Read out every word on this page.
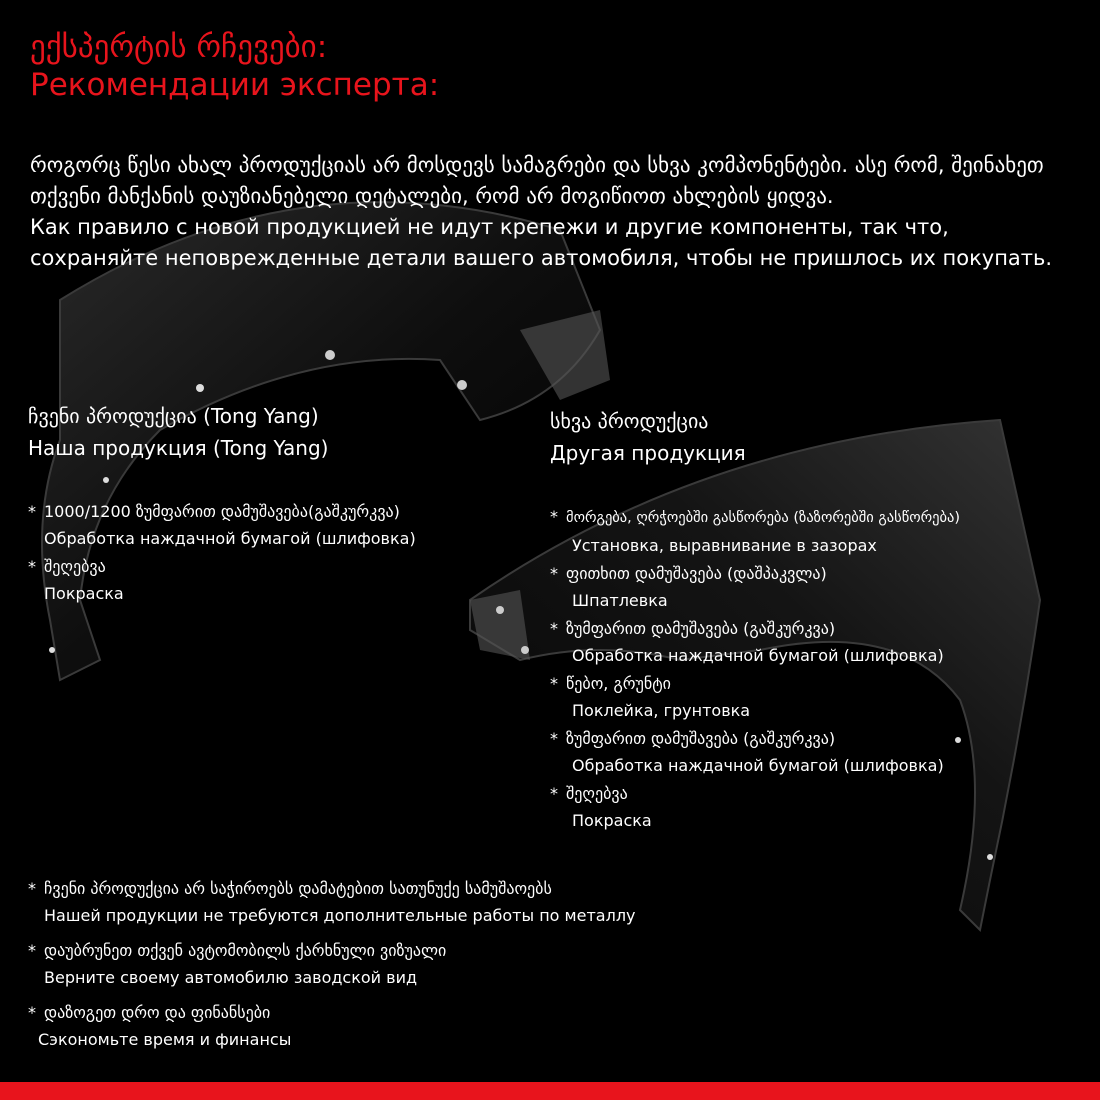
ექსპერტის რჩევები:
Рекомендации эксперта:

როგორც წესი ახალ პროდუქციას არ მოსდევს სამაგრები და სხვა კომპონენტები. ასე რომ, შეინახეთ თქვენი მანქანის დაუზიანებელი დეტალები, რომ არ მოგიწიოთ ახლების ყიდვა.

Как правило с новой продукцией не идут крепежи и другие компоненты, так что, сохраняйте неповрежденные детали вашего автомобиля, чтобы не пришлось их покупать.

ჩვენი პროდუქცია (Tong Yang)
Наша продукция (Tong Yang)
* 1000/1200 ზუმფარით დამუშავება(გაშკურკვა)
Обработка наждачной бумагой (шлифовка)
* შეღებვა
Покраска
სხვა პროდუქცია
Другая продукция
* მორგება, ღრჭოებში გასწორება (ზაზორებში გასწორება)
Установка, выравнивание в зазорах
* ფითხით დამუშავება (დაშპაკვლა)
Шпатлевка
* ზუმფარით დამუშავება (გაშკურკვა)
Обработка наждачной бумагой (шлифовка)
* წებო, გრუნტი
Поклейка, грунтовка
* ზუმფარით დამუშავება (გაშკურკვა)
Обработка наждачной бумагой (шлифовка)
* შეღებვა
Покраска
* ჩვენი პროდუქცია არ საჭიროებს დამატებით სათუნუქე სამუშაოებს
Нашей продукции не требуются дополнительные работы по металлу
* დაუბრუნეთ თქვენ ავტომობილს ქარხნული ვიზუალი
Верните своему автомобилю заводской вид
* დაზოგეთ დრო და ფინანსები
Сэкономьте время и финансы
